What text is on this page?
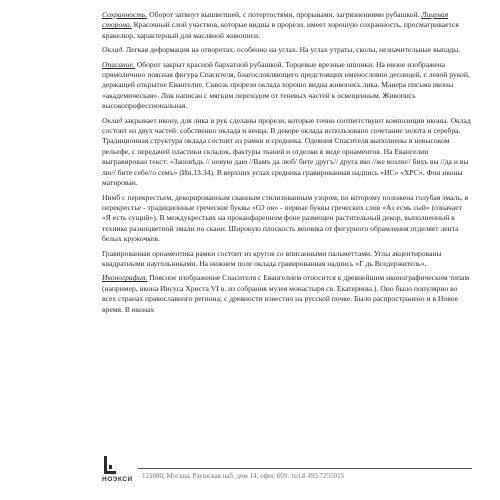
Сохранность. Оборот затянут вышветшей, с потертостями, прорывами, загрязнениями рубашкой. Лицевая сторона. Красочный слой участков, которые видны в прорези, имеет хорошую сохранность, просматривается кракелюр, характерный для масляной живописи.

Оклад. Легкая деформация на отворотах, особенно на углах. На углах утраты, сколы, незначительные выпады.

Описание. Оборот закрыт красной бархатной рубашкой. Торцевые врезные шпонки. На иконе изображена прямоличнно поясная фигура Спасителя, благословляющего предстоящих именословно десницей, с левой рукой, держащей открытое Евангелие. Сквозь прорези оклада хорошо видна живопись лика. Манера письма иконы «академическая». Лик написан с мягким переходом от теневых частей к освещенным. Живопись высокопрофессиональная.

Оклад закрывает икону, для лика и рук сделаны прорези, которые точно соответствуют композиции иконы. Оклад состоит из двух частей: собственно оклада и венца. В декоре оклада использовано сочетание золота и серебра. Традиционная структура оклада состоит из рамки и средника. Одеяния Спасителя выполнены в невысоком рельефе, с передачей пластики складок, фактуры тканей и отделки в виде орнаментов. На Евангелии выгравирован текст: «Заповѣдь // новую даю //Вамъ да люб/ бите другъ// друга яко //же возлю// бихъ вы //да и вы лю// бите себе//о семъ» (Ин.13:34). В верхних углах средника гравированная надпись «ИС» «ХРС». Фон иконы матирован.

Нимб с перекрестьем, декорированным сканным стилизованным узором, по которому положена голубая эмаль, в перекрестье - традиционные греческие буквы «Ѡ он» - первые буквы греческих слов «Аз есмь сый» (означает «Я есть сущий»). В междукрестьях на проканфаренном фоне размещен растительный декор, выполненный в технике разноцветной эмали по скани. Широкую плоскость венчика от фигурного обрамления отделяет лента белых кружочков.

Гравированная орнаментика рамки состоит из кругов со вписанными пальметтами. Углы акцентированы квадратными наугольниками. На нижнем поле оклада гравированная надпись «Г дь Вседержитель».

Иконография. Поясное изображение Спасителя с Евангелием относится к древнейшим иконографическим типам (например, икона Иисуса Христа VI в. из собрания музея монастыря св. Екатерины.). Оно было популярно во всех странах православного региона; с древности известно на русской почве. Было распространено и в Новое время. В иконах

НОЭКСИ 125080, Москва, Раушская наб. дом 14, офис 609. тел.8 495 7255915
